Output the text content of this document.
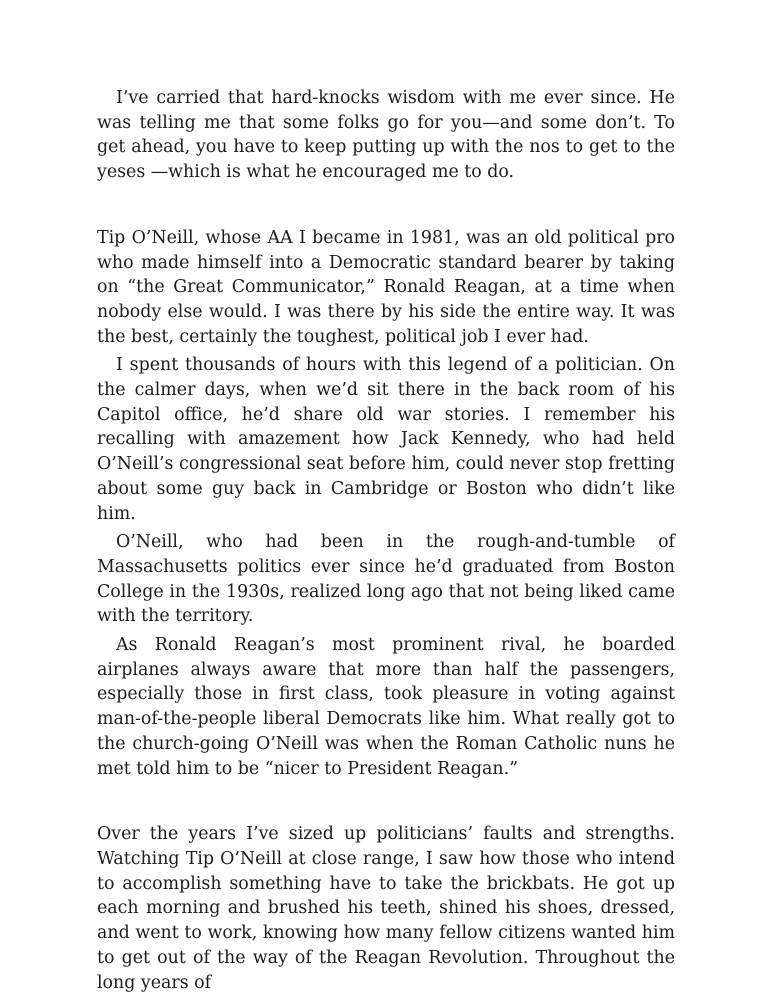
I’ve carried that hard-knocks wisdom with me ever since. He was telling me that some folks go for you—and some don’t. To get ahead, you have to keep putting up with the nos to get to the yeses —which is what he encouraged me to do.

Tip O’Neill, whose AA I became in 1981, was an old political pro who made himself into a Democratic standard bearer by taking on “the Great Communicator,” Ronald Reagan, at a time when nobody else would. I was there by his side the entire way. It was the best, certainly the toughest, political job I ever had.

I spent thousands of hours with this legend of a politician. On the calmer days, when we’d sit there in the back room of his Capitol office, he’d share old war stories. I remember his recalling with amazement how Jack Kennedy, who had held O’Neill’s congressional seat before him, could never stop fretting about some guy back in Cambridge or Boston who didn’t like him.

O’Neill, who had been in the rough-and-tumble of Massachusetts politics ever since he’d graduated from Boston College in the 1930s, realized long ago that not being liked came with the territory.

As Ronald Reagan’s most prominent rival, he boarded airplanes always aware that more than half the passengers, especially those in first class, took pleasure in voting against man-of-the-people liberal Democrats like him. What really got to the church-going O’Neill was when the Roman Catholic nuns he met told him to be “nicer to President Reagan.”

Over the years I’ve sized up politicians’ faults and strengths. Watching Tip O’Neill at close range, I saw how those who intend to accomplish something have to take the brickbats. He got up each morning and brushed his teeth, shined his shoes, dressed, and went to work, knowing how many fellow citizens wanted him to get out of the way of the Reagan Revolution. Throughout the long years of
